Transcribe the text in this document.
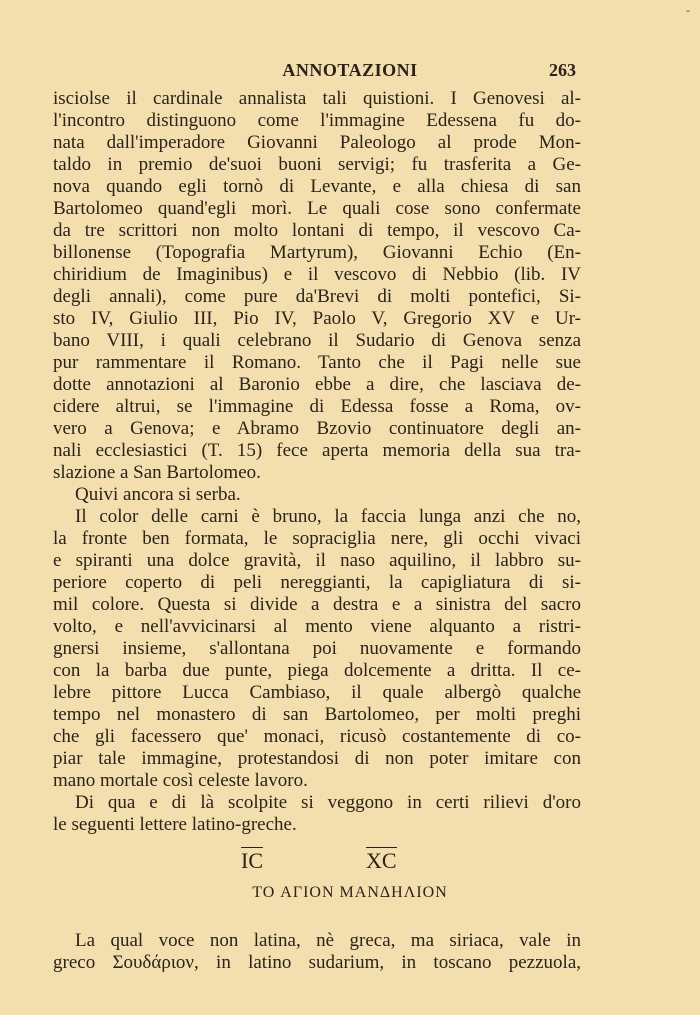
-
ANNOTAZIONI	263
isciolse il cardinale annalista tali quistioni. I Genovesi al-
l'incontro distinguono come l'immagine Edessena fu do-
nata dall'imperadore Giovanni Paleologo al prode Mon-
taldo in premio de'suoi buoni servigi; fu trasferita a Ge-
nova quando egli tornò di Levante, e alla chiesa di san
Bartolomeo quand'egli morì. Le quali cose sono confermate
da tre scrittori non molto lontani di tempo, il vescovo Ca-
billonense (Topografia Martyrum), Giovanni Echio (En-
chiridium de Imaginibus) e il vescovo di Nebbio (lib. IV
degli annali), come pure da'Brevi di molti pontefici, Si-
sto IV, Giulio III, Pio IV, Paolo V, Gregorio XV e Ur-
bano VIII, i quali celebrano il Sudario di Genova senza
pur rammentare il Romano. Tanto che il Pagi nelle sue
dotte annotazioni al Baronio ebbe a dire, che lasciava de-
cidere altrui, se l'immagine di Edessa fosse a Roma, ov-
vero a Genova; e Abramo Bzovio continuatore degli an-
nali ecclesiastici (T. 15) fece aperta memoria della sua tra-
slazione a San Bartolomeo.
Quivi ancora si serba.
Il color delle carni è bruno, la faccia lunga anzi che no,
la fronte ben formata, le sopraciglia nere, gli occhi vivaci
e spiranti una dolce gravità, il naso aquilino, il labbro su-
periore coperto di peli nereggianti, la capigliatura di si-
mil colore. Questa si divide a destra e a sinistra del sacro
volto, e nell'avvicinarsi al mento viene alquanto a ristri-
gnersi insieme, s'allontana poi nuovamente e formando
con la barba due punte, piega dolcemente a dritta. Il ce-
lebre pittore Lucca Cambiaso, il quale albergò qualche
tempo nel monastero di san Bartolomeo, per molti preghi
che gli facessero que' monaci, ricusò costantemente di co-
piar tale immagine, protestandosi di non poter imitare con
mano mortale così celeste lavoro.
Di qua e di là scolpite si veggono in certi rilievi d'oro
le seguenti lettere latino-greche.
IC	XC
TO ΑΓΙΟΝ ΜΑΝΔΗΛΙΟΝ
La qual voce non latina, nè greca, ma siriaca, vale in
greco Σουδάριον, in latino sudarium, in toscano pezzuola,
